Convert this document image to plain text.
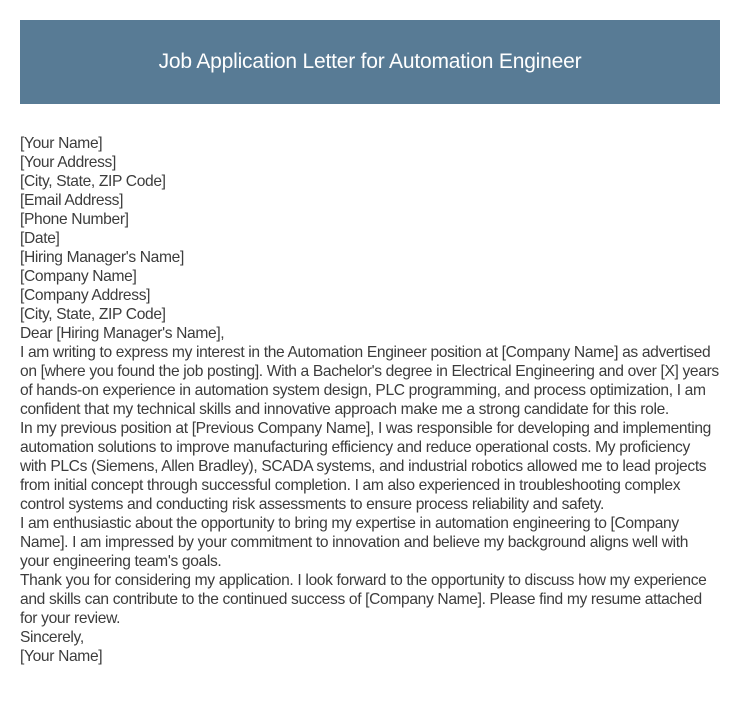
Job Application Letter for Automation Engineer
[Your Name]
[Your Address]
[City, State, ZIP Code]
[Email Address]
[Phone Number]
[Date]
[Hiring Manager's Name]
[Company Name]
[Company Address]
[City, State, ZIP Code]
Dear [Hiring Manager's Name],

I am writing to express my interest in the Automation Engineer position at [Company Name] as advertised on [where you found the job posting]. With a Bachelor's degree in Electrical Engineering and over [X] years of hands-on experience in automation system design, PLC programming, and process optimization, I am confident that my technical skills and innovative approach make me a strong candidate for this role.

In my previous position at [Previous Company Name], I was responsible for developing and implementing automation solutions to improve manufacturing efficiency and reduce operational costs. My proficiency with PLCs (Siemens, Allen Bradley), SCADA systems, and industrial robotics allowed me to lead projects from initial concept through successful completion. I am also experienced in troubleshooting complex control systems and conducting risk assessments to ensure process reliability and safety.

I am enthusiastic about the opportunity to bring my expertise in automation engineering to [Company Name]. I am impressed by your commitment to innovation and believe my background aligns well with your engineering team's goals.

Thank you for considering my application. I look forward to the opportunity to discuss how my experience and skills can contribute to the continued success of [Company Name]. Please find my resume attached for your review.

Sincerely,
[Your Name]
